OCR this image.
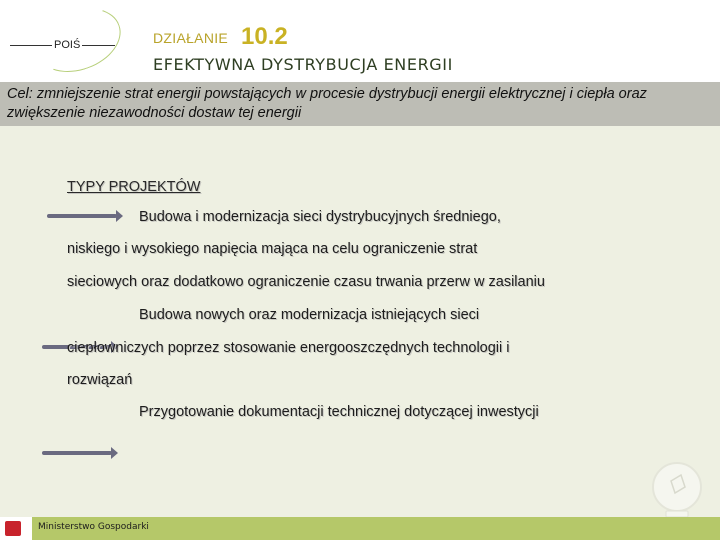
POIŚ	DZIAŁANIE 10.2
EFEKTYWNA DYSTRYBUCJA ENERGII
Cel: zmniejszenie strat energii powstających w procesie dystrybucji energii elektrycznej i ciepła oraz zwiększenie niezawodności dostaw tej energii
TYPY PROJEKTÓW
Budowa i modernizacja sieci dystrybucyjnych średniego,
niskiego i wysokiego napięcia mająca na celu ograniczenie strat
sieciowych oraz dodatkowo ograniczenie czasu trwania przerw w zasilaniu
Budowa nowych oraz modernizacja istniejących sieci
ciepłowniczych poprzez stosowanie energooszczędnych technologii i
rozwiązań
Przygotowanie dokumentacji technicznej dotyczącej inwestycji
Ministerstwo Gospodarki
